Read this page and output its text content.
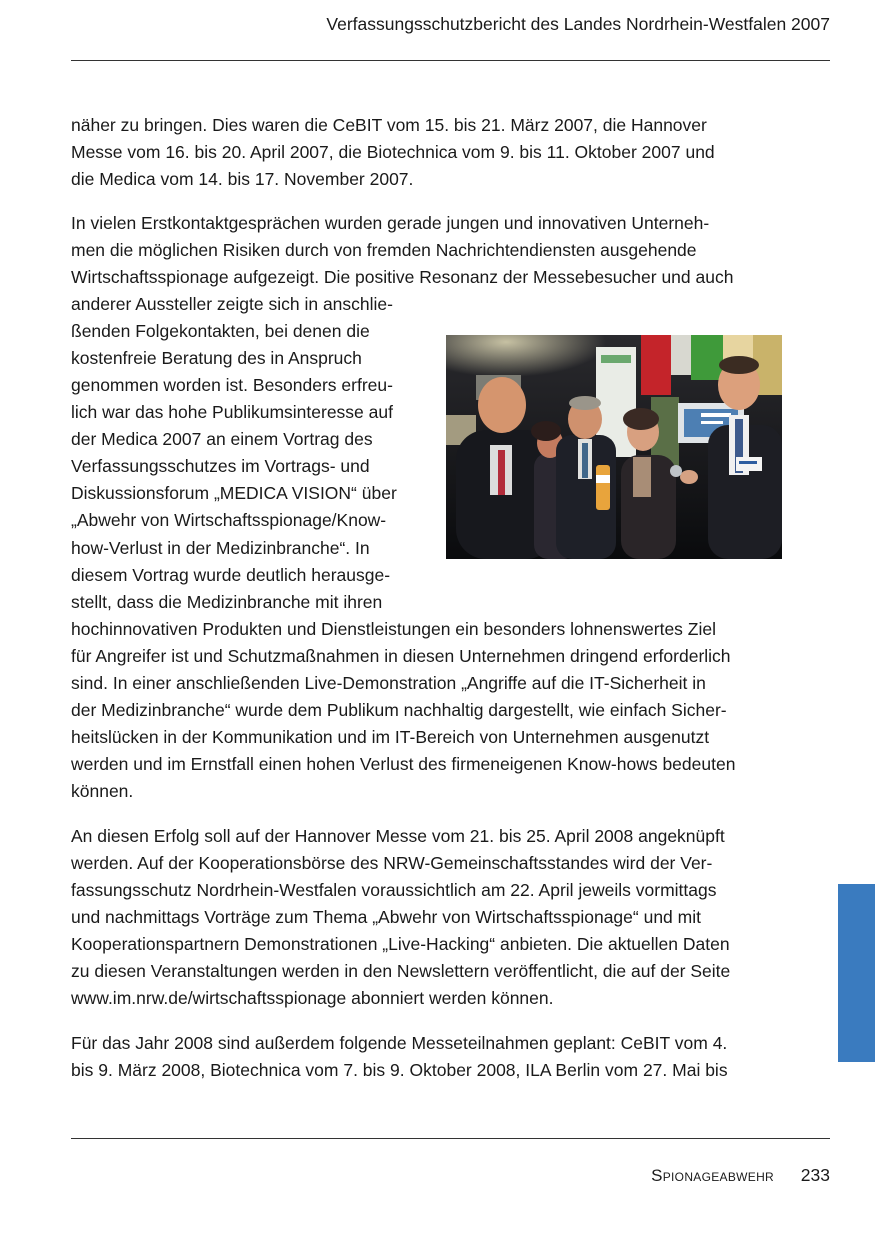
Verfassungsschutzbericht des Landes Nordrhein-Westfalen 2007
näher zu bringen. Dies waren die CeBIT vom 15. bis 21. März 2007, die Hannover
Messe vom 16. bis 20. April 2007, die Biotechnica vom 9. bis 11. Oktober 2007 und
die Medica vom 14. bis 17. November 2007.
In vielen Erstkontaktgesprächen wurden gerade jungen und innovativen Unterneh-
men die möglichen Risiken durch von fremden Nachrichtendiensten ausgehende
Wirtschaftsspionage aufgezeigt. Die positive Resonanz der Messebesucher und auch
anderer Aussteller zeigte sich in anschlie-
ßenden Folgekontakten, bei denen die
kostenfreie Beratung des in Anspruch
genommen worden ist. Besonders erfreu-
lich war das hohe Publikumsinteresse auf
der Medica 2007 an einem Vortrag des
Verfassungsschutzes im Vortrags- und
Diskussionsforum „MEDICA VISION“ über
„Abwehr von Wirtschaftsspionage/Know-
how-Verlust in der Medizinbranche“. In
diesem Vortrag wurde deutlich herausge-
stellt, dass die Medizinbranche mit ihren
hochinnovativen Produkten und Dienstleistungen ein besonders lohnenswertes Ziel
für Angreifer ist und Schutzmaßnahmen in diesen Unternehmen dringend erforderlich
sind. In einer anschließenden Live-Demonstration „Angriffe auf die IT-Sicherheit in
der Medizinbranche“ wurde dem Publikum nachhaltig dargestellt, wie einfach Sicher-
heitslücken in der Kommunikation und im IT-Bereich von Unternehmen ausgenutzt
werden und im Ernstfall einen hohen Verlust des firmeneigenen Know-hows bedeuten
können.
An diesen Erfolg soll auf der Hannover Messe vom 21. bis 25. April 2008 angeknüpft
werden. Auf der Kooperationsbörse des NRW-Gemeinschaftsstandes wird der Ver-
fassungsschutz Nordrhein-Westfalen voraussichtlich am 22. April jeweils vormittags
und nachmittags Vorträge zum Thema „Abwehr von Wirtschaftsspionage“ und mit
Kooperationspartnern Demonstrationen „Live-Hacking“ anbieten. Die aktuellen Daten
zu diesen Veranstaltungen werden in den Newslettern veröffentlicht, die auf der Seite
www.im.nrw.de/wirtschaftsspionage abonniert werden können.
Für das Jahr 2008 sind außerdem folgende Messeteilnahmen geplant: CeBIT vom 4.
bis 9. März 2008, Biotechnica vom 7. bis 9. Oktober 2008, ILA Berlin vom 27. Mai bis
Spionageabwehr 233
